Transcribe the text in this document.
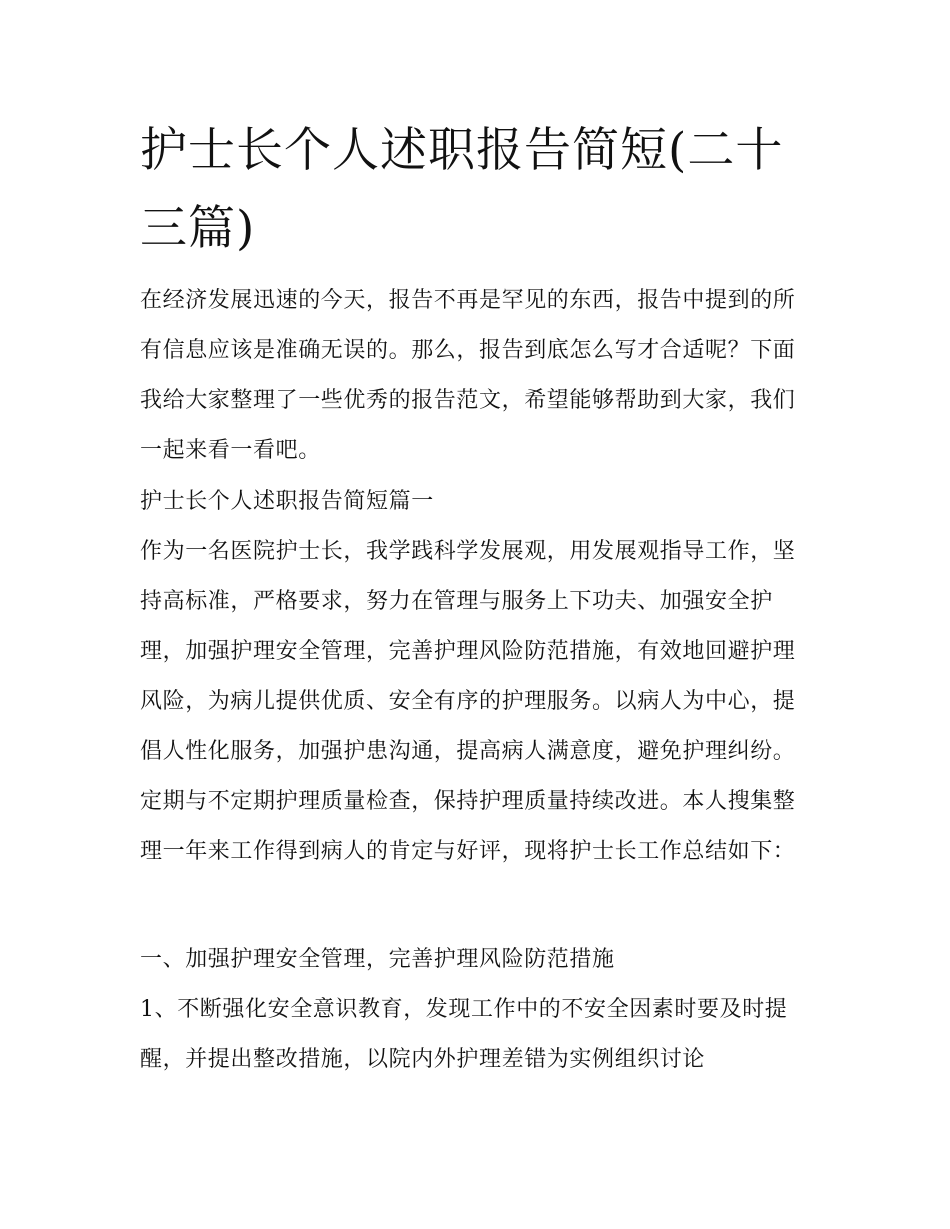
护士长个人述职报告简短(二十三篇)

在经济发展迅速的今天，报告不再是罕见的东西，报告中提到的所有信息应该是准确无误的。那么，报告到底怎么写才合适呢？下面我给大家整理了一些优秀的报告范文，希望能够帮助到大家，我们一起来看一看吧。

护士长个人述职报告简短篇一

作为一名医院护士长，我学践科学发展观，用发展观指导工作，坚持高标准，严格要求，努力在管理与服务上下功夫、加强安全护理，加强护理安全管理，完善护理风险防范措施，有效地回避护理风险，为病儿提供优质、安全有序的护理服务。以病人为中心，提倡人性化服务，加强护患沟通，提高病人满意度，避免护理纠纷。定期与不定期护理质量检查，保持护理质量持续改进。本人搜集整理一年来工作得到病人的肯定与好评，现将护士长工作总结如下：

一、加强护理安全管理，完善护理风险防范措施

1、不断强化安全意识教育，发现工作中的不安全因素时要及时提醒，并提出整改措施，以院内外护理差错为实例组织讨论
